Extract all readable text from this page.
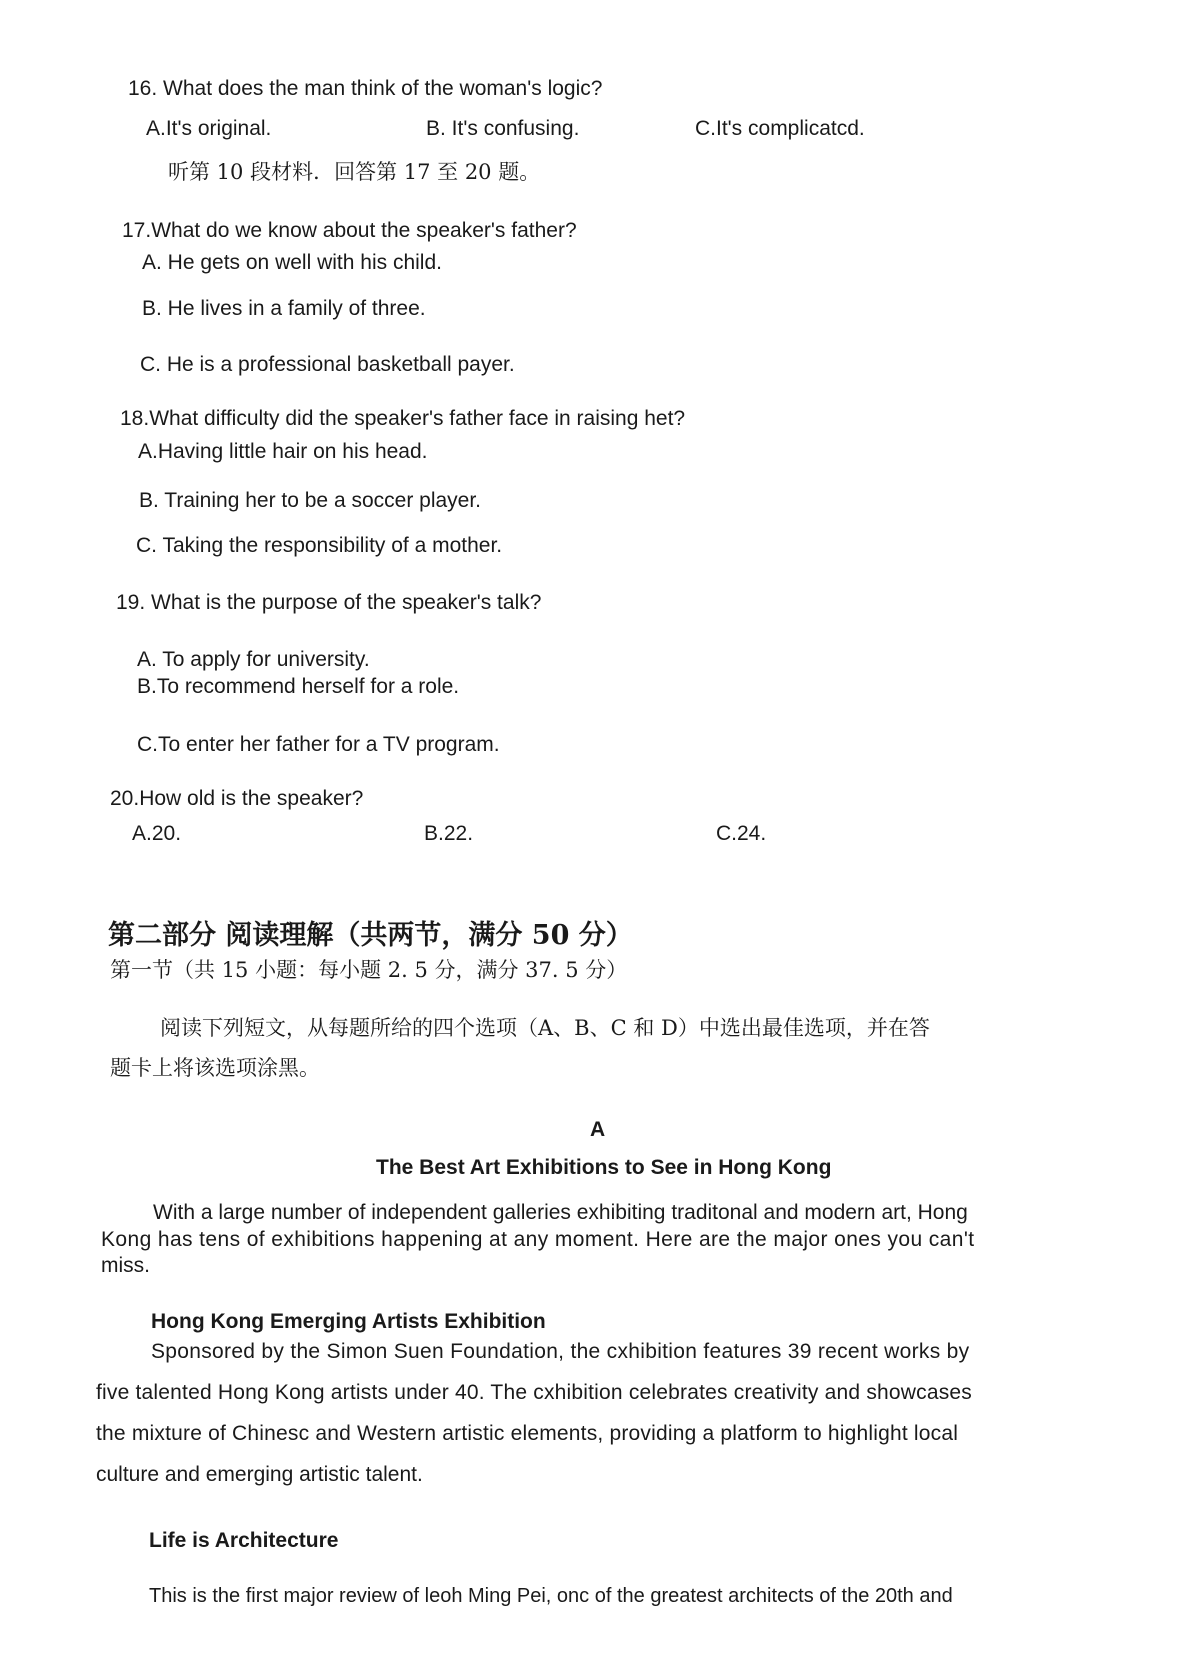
16. What does the man think of the woman's logic?
A.It's original.	B. It's confusing.	C.It's complicatcd.
听第 10 段材料．回答第 17 至 20 题。
17.What do we know about the speaker's father?
A. He gets on well with his child.
B. He lives in a family of three.
C. He is a professional basketball payer.
18.What difficulty did the speaker's father face in raising het?
A.Having little hair on his head.
B. Training her to be a soccer player.
C. Taking the responsibility of a mother.
19. What is the purpose of the speaker's talk?
A. To apply for university.
B.To recommend herself for a role.
C.To enter her father for a TV program.
20.How old is the speaker?
A.20.	B.22.	C.24.
第二部分 阅读理解（共两节，满分 50 分）
第一节（共 15 小题：每小题 2. 5 分，满分 37. 5 分）
阅读下列短文，从每题所给的四个选项（A、B、C 和 D）中选出最佳选项，并在答
题卡上将该选项涂黑。
A
The Best Art Exhibitions to See in Hong Kong
With a large number of independent galleries exhibiting traditonal and modern art, Hong
Kong has tens of exhibitions happening at any moment. Here are the major ones you can't
miss.
Hong Kong Emerging Artists Exhibition
Sponsored by the Simon Suen Foundation, the cxhibition features 39 recent works by
five talented Hong Kong artists under 40. The cxhibition celebrates creativity and showcases
the mixture of Chinesc and Western artistic elements, providing a platform to highlight local
culture and emerging artistic talent.
Life is Architecture
This is the first major review of leoh Ming Pei, onc of the greatest architects of the 20th and
